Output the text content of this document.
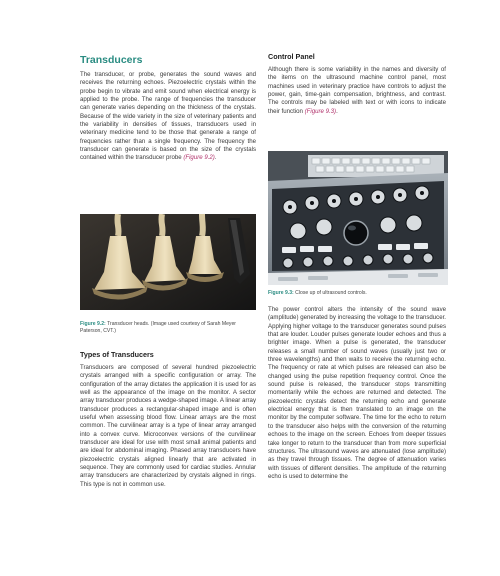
Transducers

The transducer, or probe, generates the sound waves and receives the returning echoes. Piezoelectric crystals within the probe begin to vibrate and emit sound when electrical energy is applied to the probe. The range of frequencies the transducer can generate varies depending on the thickness of the crystals. Because of the wide variety in the size of veterinary patients and the variability in densities of tissues, transducers used in veterinary medicine tend to be those that generate a range of frequencies rather than a single frequency. The frequency the transducer can generate is based on the size of the crystals contained within the transducer probe (Figure 9.2).

Figure 9.2: Transducer heads. (Image used courtesy of Sarah Meyer Paterson, CVT.)
Types of Transducers

Transducers are composed of several hundred piezoelectric crystals arranged with a specific configuration or array. The configuration of the array dictates the application it is used for as well as the appearance of the image on the monitor. A sector array transducer produces a wedge-shaped image. A linear array transducer produces a rectangular-shaped image and is often useful when assessing blood flow. Linear arrays are the most common. The curvilinear array is a type of linear array arranged into a convex curve. Microconvex versions of the curvilinear transducer are ideal for use with most small animal patients and are ideal for abdominal imaging. Phased array transducers have piezoelectric crystals aligned linearly that are activated in sequence. They are commonly used for cardiac studies. Annular array transducers are characterized by crystals aligned in rings. This type is not in common use.

Control Panel

Although there is some variability in the names and diversity of the items on the ultrasound machine control panel, most machines used in veterinary practice have controls to adjust the power, gain, time-gain compensation, brightness, and contrast. The controls may be labeled with text or with icons to indicate their function (Figure 9.3).

Figure 9.3: Close up of ultrasound controls.

The power control alters the intensity of the sound wave (amplitude) generated by increasing the voltage to the transducer. Applying higher voltage to the transducer generates sound pulses that are louder. Louder pulses generate louder echoes and thus a brighter image. When a pulse is generated, the transducer releases a small number of sound waves (usually just two or three wavelengths) and then waits to receive the returning echo. The frequency or rate at which pulses are released can also be changed using the pulse repetition frequency control. Once the sound pulse is released, the transducer stops transmitting momentarily while the echoes are returned and detected. The piezoelectric crystals detect the returning echo and generate electrical energy that is then translated to an image on the monitor by the computer software. The time for the echo to return to the transducer also helps with the conversion of the returning echoes to the image on the screen. Echoes from deeper tissues take longer to return to the transducer than from more superficial structures. The ultrasound waves are attenuated (lose amplitude) as they travel through tissues. The degree of attenuation varies with tissues of different densities. The amplitude of the returning echo is used to determine the
